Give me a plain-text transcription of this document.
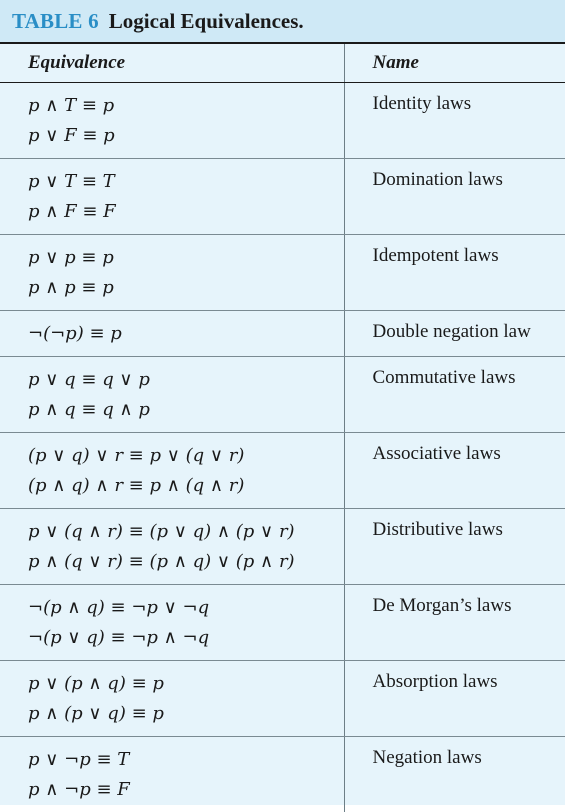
TABLE 6 Logical Equivalences.
Equivalence	Name

p ∧ T ≡ p
p ∨ F ≡ p	Identity laws

p ∨ T ≡ T
p ∧ F ≡ F	Domination laws

p ∨ p ≡ p
p ∧ p ≡ p	Idempotent laws

¬(¬p) ≡ p	Double negation law

p ∨ q ≡ q ∨ p
p ∧ q ≡ q ∧ p	Commutative laws

(p ∨ q) ∨ r ≡ p ∨ (q ∨ r)
(p ∧ q) ∧ r ≡ p ∧ (q ∧ r)	Associative laws

p ∨ (q ∧ r) ≡ (p ∨ q) ∧ (p ∨ r)
p ∧ (q ∨ r) ≡ (p ∧ q) ∨ (p ∧ r)	Distributive laws

¬(p ∧ q) ≡ ¬p ∨ ¬q
¬(p ∨ q) ≡ ¬p ∧ ¬q	De Morgan’s laws

p ∨ (p ∧ q) ≡ p
p ∧ (p ∨ q) ≡ p	Absorption laws

p ∨ ¬p ≡ T
p ∧ ¬p ≡ F	Negation laws
